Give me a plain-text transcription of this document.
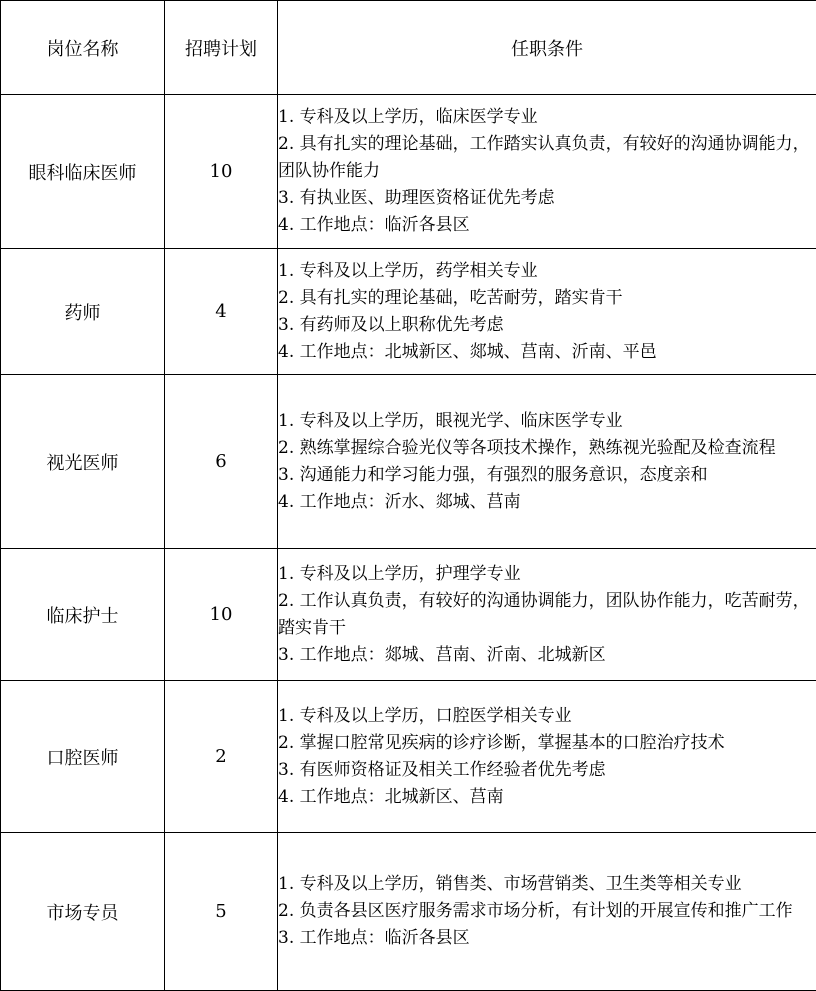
岗位名称	招聘计划	任职条件
眼科临床医师	10	1. 专科及以上学历，临床医学专业
2. 具有扎实的理论基础，工作踏实认真负责，有较好的沟通协调能力，团队协作能力
3. 有执业医、助理医资格证优先考虑
4. 工作地点：临沂各县区

药师	4	1. 专科及以上学历，药学相关专业
2. 具有扎实的理论基础，吃苦耐劳，踏实肯干
3. 有药师及以上职称优先考虑
4. 工作地点：北城新区、郯城、莒南、沂南、平邑

视光医师	6	1. 专科及以上学历，眼视光学、临床医学专业
2. 熟练掌握综合验光仪等各项技术操作，熟练视光验配及检查流程
3. 沟通能力和学习能力强，有强烈的服务意识，态度亲和
4. 工作地点：沂水、郯城、莒南

临床护士	10	1. 专科及以上学历，护理学专业
2. 工作认真负责，有较好的沟通协调能力，团队协作能力，吃苦耐劳，踏实肯干
3. 工作地点：郯城、莒南、沂南、北城新区

口腔医师	2	1. 专科及以上学历，口腔医学相关专业
2. 掌握口腔常见疾病的诊疗诊断，掌握基本的口腔治疗技术
3. 有医师资格证及相关工作经验者优先考虑
4. 工作地点：北城新区、莒南

市场专员	5	1. 专科及以上学历，销售类、市场营销类、卫生类等相关专业
2. 负责各县区医疗服务需求市场分析，有计划的开展宣传和推广工作
3. 工作地点：临沂各县区
